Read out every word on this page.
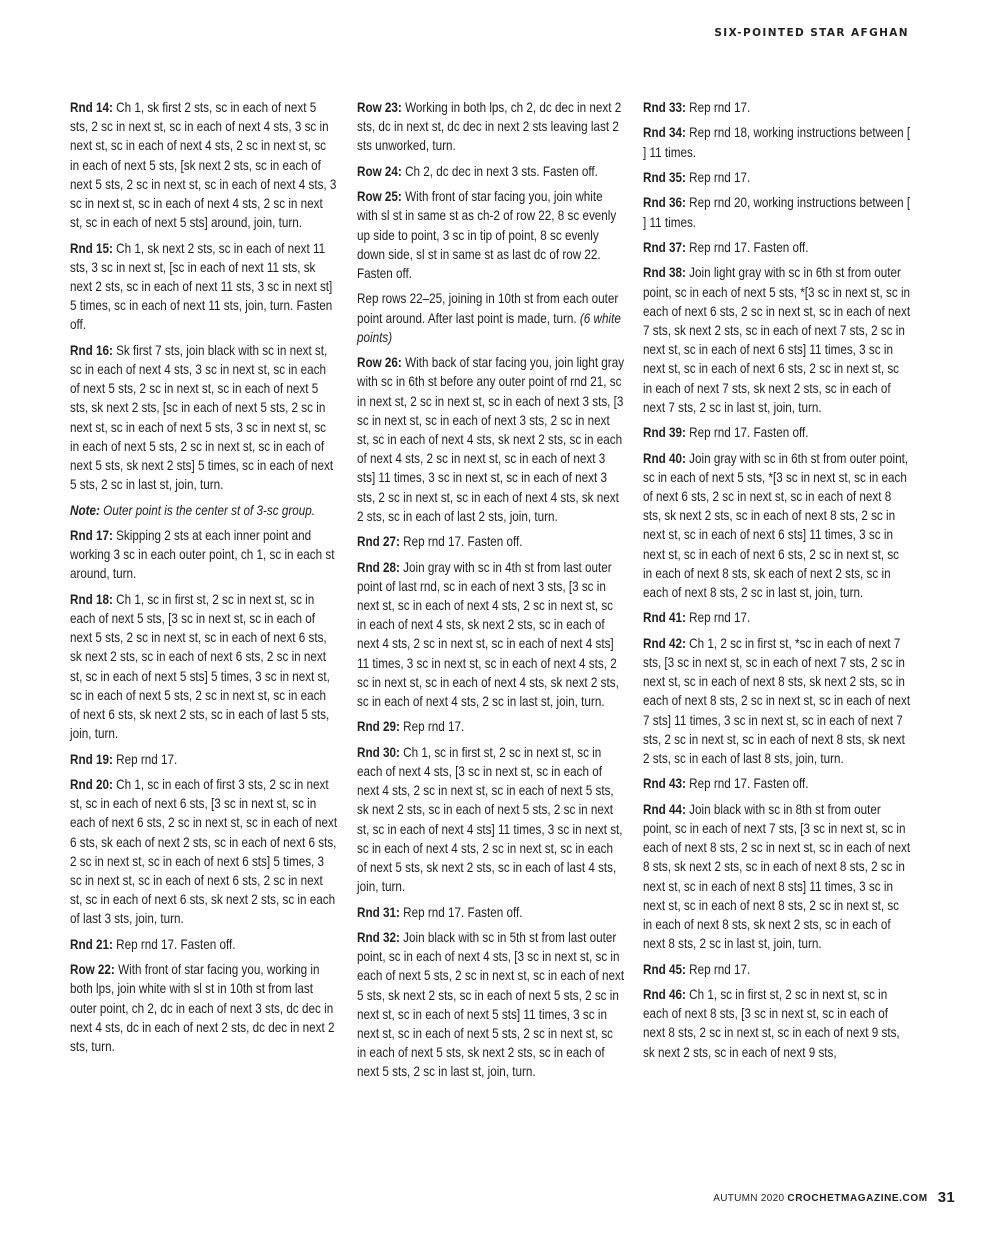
SIX-POINTED STAR AFGHAN

Rnd 14: Ch 1, sk first 2 sts, sc in each of next 5 sts, 2 sc in next st, sc in each of next 4 sts, 3 sc in next st, sc in each of next 4 sts, 2 sc in next st, sc in each of next 5 sts, [sk next 2 sts, sc in each of next 5 sts, 2 sc in next st, sc in each of next 4 sts, 3 sc in next st, sc in each of next 4 sts, 2 sc in next st, sc in each of next 5 sts] around, join, turn.

Rnd 15: Ch 1, sk next 2 sts, sc in each of next 11 sts, 3 sc in next st, [sc in each of next 11 sts, sk next 2 sts, sc in each of next 11 sts, 3 sc in next st] 5 times, sc in each of next 11 sts, join, turn. Fasten off.

Rnd 16: Sk first 7 sts, join black with sc in next st, sc in each of next 4 sts, 3 sc in next st, sc in each of next 5 sts, 2 sc in next st, sc in each of next 5 sts, sk next 2 sts, [sc in each of next 5 sts, 2 sc in next st, sc in each of next 5 sts, 3 sc in next st, sc in each of next 5 sts, 2 sc in next st, sc in each of next 5 sts, sk next 2 sts] 5 times, sc in each of next 5 sts, 2 sc in last st, join, turn.

Note: Outer point is the center st of 3-sc group.

Rnd 17: Skipping 2 sts at each inner point and working 3 sc in each outer point, ch 1, sc in each st around, turn.

Rnd 18: Ch 1, sc in first st, 2 sc in next st, sc in each of next 5 sts, [3 sc in next st, sc in each of next 5 sts, 2 sc in next st, sc in each of next 6 sts, sk next 2 sts, sc in each of next 6 sts, 2 sc in next st, sc in each of next 5 sts] 5 times, 3 sc in next st, sc in each of next 5 sts, 2 sc in next st, sc in each of next 6 sts, sk next 2 sts, sc in each of last 5 sts, join, turn.

Rnd 19: Rep rnd 17.

Rnd 20: Ch 1, sc in each of first 3 sts, 2 sc in next st, sc in each of next 6 sts, [3 sc in next st, sc in each of next 6 sts, 2 sc in next st, sc in each of next 6 sts, sk each of next 2 sts, sc in each of next 6 sts, 2 sc in next st, sc in each of next 6 sts] 5 times, 3 sc in next st, sc in each of next 6 sts, 2 sc in next st, sc in each of next 6 sts, sk next 2 sts, sc in each of last 3 sts, join, turn.

Rnd 21: Rep rnd 17. Fasten off.

Row 22: With front of star facing you, working in both lps, join white with sl st in 10th st from last outer point, ch 2, dc in each of next 3 sts, dc dec in next 4 sts, dc in each of next 2 sts, dc dec in next 2 sts, turn.

Row 23: Working in both lps, ch 2, dc dec in next 2 sts, dc in next st, dc dec in next 2 sts leaving last 2 sts unworked, turn.

Row 24: Ch 2, dc dec in next 3 sts. Fasten off.

Row 25: With front of star facing you, join white with sl st in same st as ch-2 of row 22, 8 sc evenly up side to point, 3 sc in tip of point, 8 sc evenly down side, sl st in same st as last dc of row 22. Fasten off.

Rep rows 22–25, joining in 10th st from each outer point around. After last point is made, turn. (6 white points)

Row 26: With back of star facing you, join light gray with sc in 6th st before any outer point of rnd 21, sc in next st, 2 sc in next st, sc in each of next 3 sts, [3 sc in next st, sc in each of next 3 sts, 2 sc in next st, sc in each of next 4 sts, sk next 2 sts, sc in each of next 4 sts, 2 sc in next st, sc in each of next 3 sts] 11 times, 3 sc in next st, sc in each of next 3 sts, 2 sc in next st, sc in each of next 4 sts, sk next 2 sts, sc in each of last 2 sts, join, turn.

Rnd 27: Rep rnd 17. Fasten off.

Rnd 28: Join gray with sc in 4th st from last outer point of last rnd, sc in each of next 3 sts, [3 sc in next st, sc in each of next 4 sts, 2 sc in next st, sc in each of next 4 sts, sk next 2 sts, sc in each of next 4 sts, 2 sc in next st, sc in each of next 4 sts] 11 times, 3 sc in next st, sc in each of next 4 sts, 2 sc in next st, sc in each of next 4 sts, sk next 2 sts, sc in each of next 4 sts, 2 sc in last st, join, turn.

Rnd 29: Rep rnd 17.

Rnd 30: Ch 1, sc in first st, 2 sc in next st, sc in each of next 4 sts, [3 sc in next st, sc in each of next 4 sts, 2 sc in next st, sc in each of next 5 sts, sk next 2 sts, sc in each of next 5 sts, 2 sc in next st, sc in each of next 4 sts] 11 times, 3 sc in next st, sc in each of next 4 sts, 2 sc in next st, sc in each of next 5 sts, sk next 2 sts, sc in each of last 4 sts, join, turn.

Rnd 31: Rep rnd 17. Fasten off.

Rnd 32: Join black with sc in 5th st from last outer point, sc in each of next 4 sts, [3 sc in next st, sc in each of next 5 sts, 2 sc in next st, sc in each of next 5 sts, sk next 2 sts, sc in each of next 5 sts, 2 sc in next st, sc in each of next 5 sts] 11 times, 3 sc in next st, sc in each of next 5 sts, 2 sc in next st, sc in each of next 5 sts, sk next 2 sts, sc in each of next 5 sts, 2 sc in last st, join, turn.

Rnd 33: Rep rnd 17.

Rnd 34: Rep rnd 18, working instructions between [ ] 11 times.

Rnd 35: Rep rnd 17.

Rnd 36: Rep rnd 20, working instructions between [ ] 11 times.

Rnd 37: Rep rnd 17. Fasten off.

Rnd 38: Join light gray with sc in 6th st from outer point, sc in each of next 5 sts, *[3 sc in next st, sc in each of next 6 sts, 2 sc in next st, sc in each of next 7 sts, sk next 2 sts, sc in each of next 7 sts, 2 sc in next st, sc in each of next 6 sts] 11 times, 3 sc in next st, sc in each of next 6 sts, 2 sc in next st, sc in each of next 7 sts, sk next 2 sts, sc in each of next 7 sts, 2 sc in last st, join, turn.

Rnd 39: Rep rnd 17. Fasten off.

Rnd 40: Join gray with sc in 6th st from outer point, sc in each of next 5 sts, *[3 sc in next st, sc in each of next 6 sts, 2 sc in next st, sc in each of next 8 sts, sk next 2 sts, sc in each of next 8 sts, 2 sc in next st, sc in each of next 6 sts] 11 times, 3 sc in next st, sc in each of next 6 sts, 2 sc in next st, sc in each of next 8 sts, sk each of next 2 sts, sc in each of next 8 sts, 2 sc in last st, join, turn.

Rnd 41: Rep rnd 17.

Rnd 42: Ch 1, 2 sc in first st, *sc in each of next 7 sts, [3 sc in next st, sc in each of next 7 sts, 2 sc in next st, sc in each of next 8 sts, sk next 2 sts, sc in each of next 8 sts, 2 sc in next st, sc in each of next 7 sts] 11 times, 3 sc in next st, sc in each of next 7 sts, 2 sc in next st, sc in each of next 8 sts, sk next 2 sts, sc in each of last 8 sts, join, turn.

Rnd 43: Rep rnd 17. Fasten off.

Rnd 44: Join black with sc in 8th st from outer point, sc in each of next 7 sts, [3 sc in next st, sc in each of next 8 sts, 2 sc in next st, sc in each of next 8 sts, sk next 2 sts, sc in each of next 8 sts, 2 sc in next st, sc in each of next 8 sts] 11 times, 3 sc in next st, sc in each of next 8 sts, 2 sc in next st, sc in each of next 8 sts, sk next 2 sts, sc in each of next 8 sts, 2 sc in last st, join, turn.

Rnd 45: Rep rnd 17.

Rnd 46: Ch 1, sc in first st, 2 sc in next st, sc in each of next 8 sts, [3 sc in next st, sc in each of next 8 sts, 2 sc in next st, sc in each of next 9 sts, sk next 2 sts, sc in each of next 9 sts,

AUTUMN 2020 CROCHETMAGAZINE.COM 31
